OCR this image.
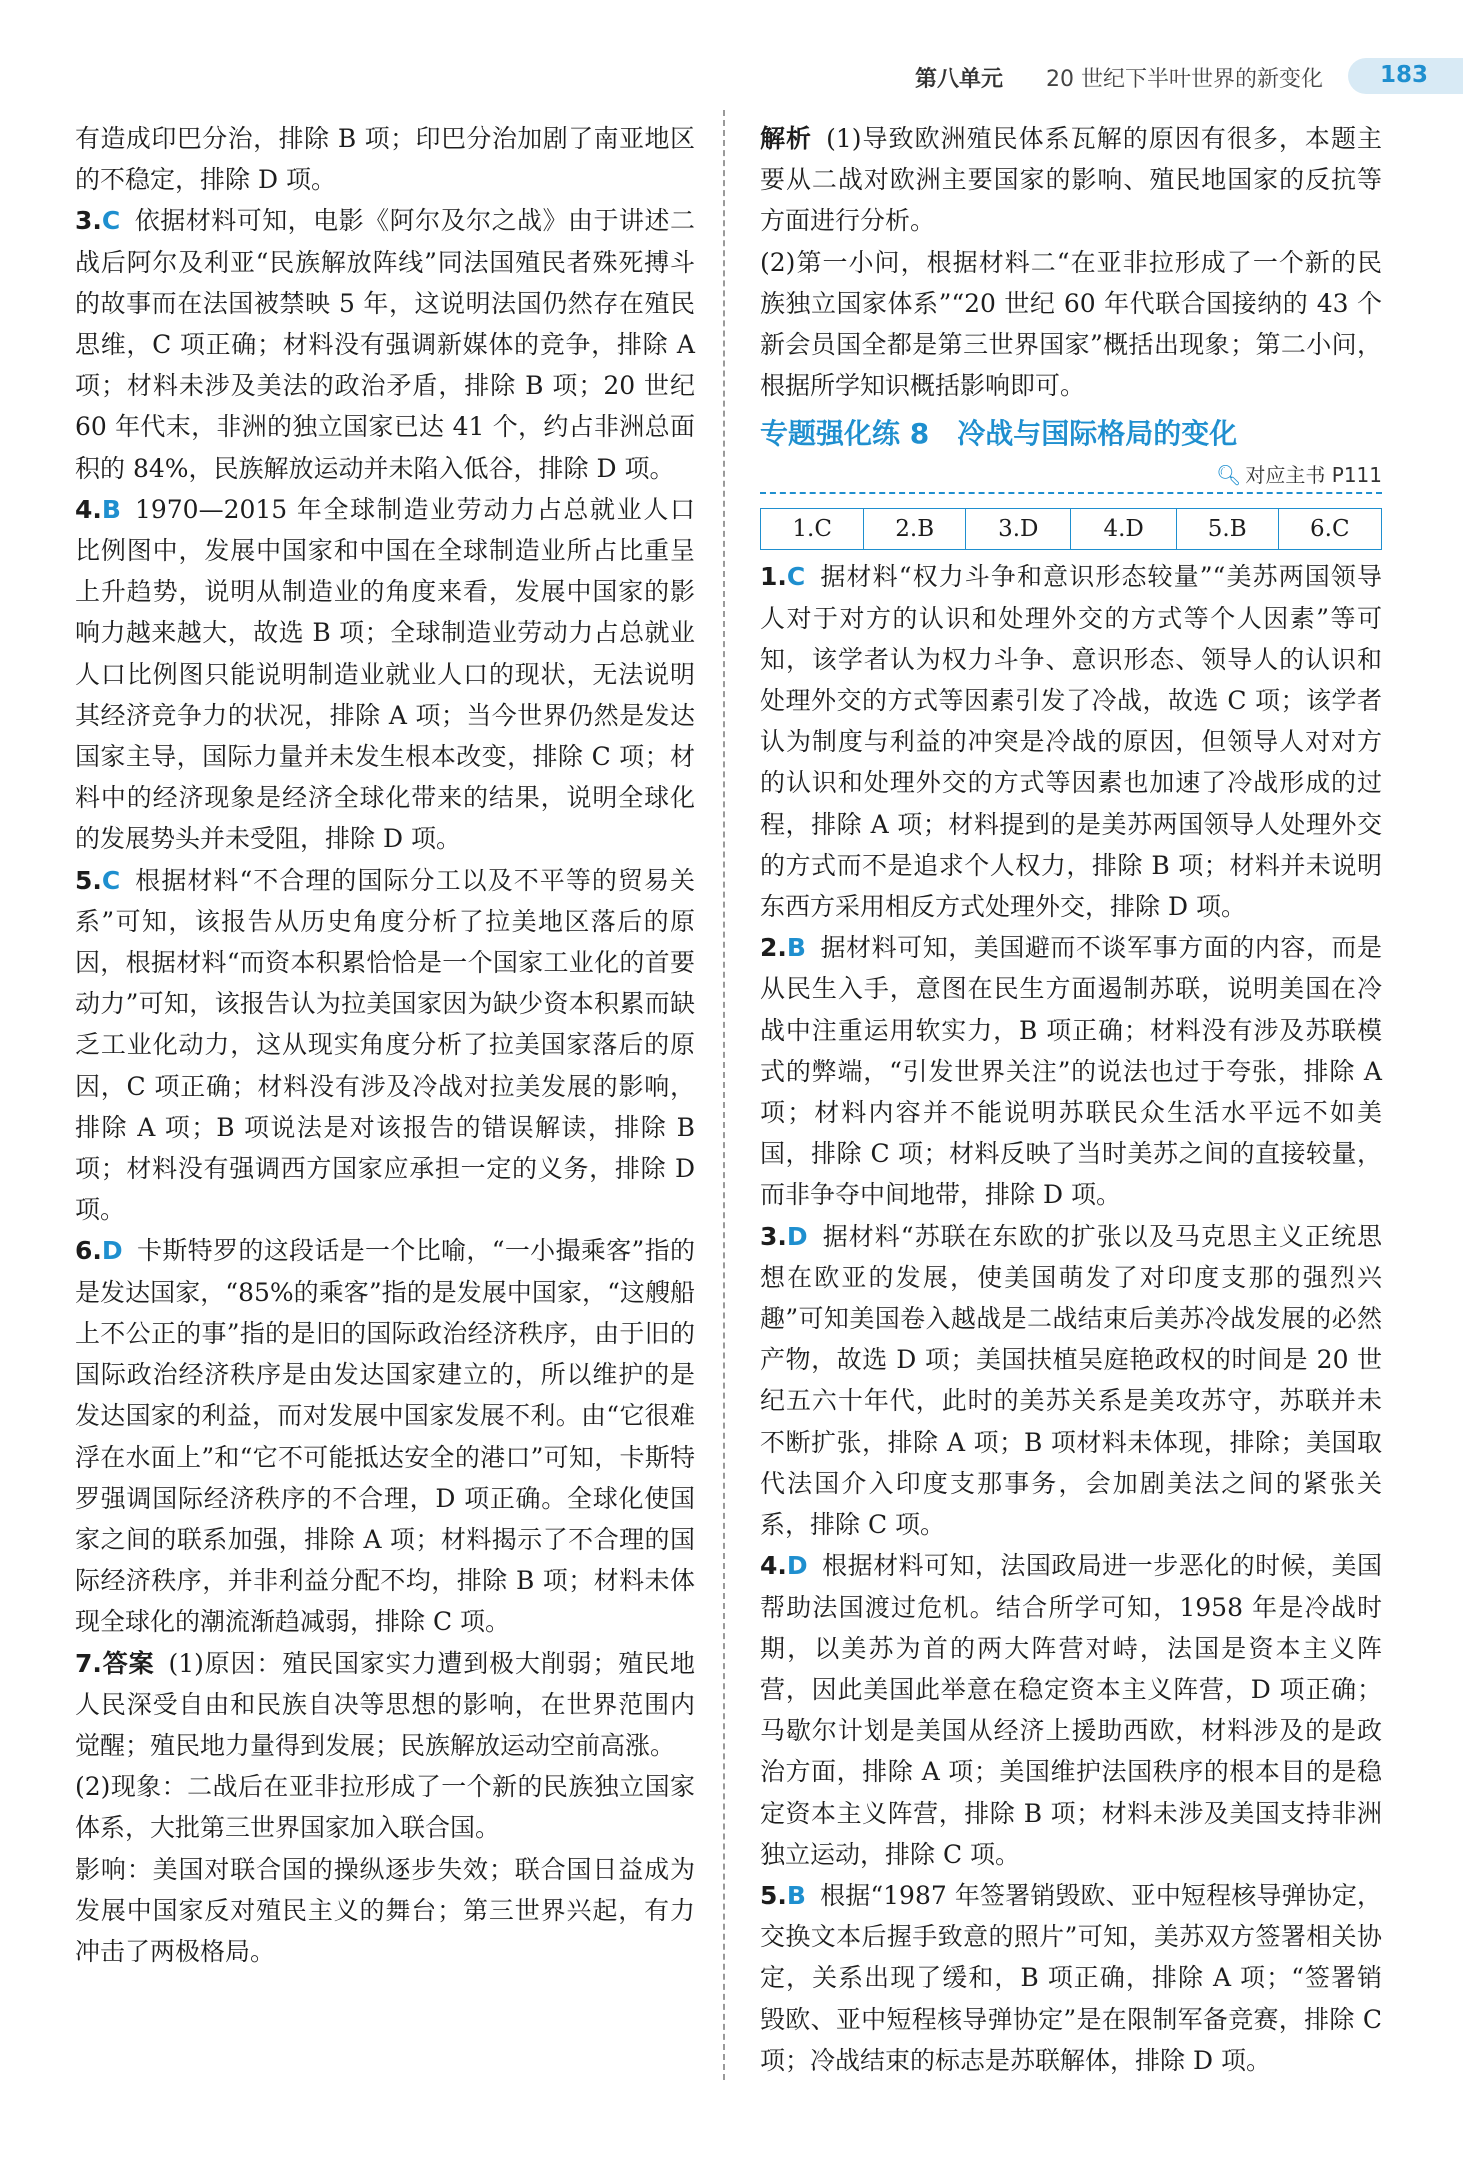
第八单元 20 世纪下半叶世界的新变化 183

有造成印巴分治，排除 B 项；印巴分治加剧了南亚地区的不稳定，排除 D 项。

3.C 依据材料可知，电影《阿尔及尔之战》由于讲述二战后阿尔及利亚“民族解放阵线”同法国殖民者殊死搏斗的故事而在法国被禁映 5 年，这说明法国仍然存在殖民思维，C 项正确；材料没有强调新媒体的竞争，排除 A 项；材料未涉及美法的政治矛盾，排除 B 项；20 世纪 60 年代末，非洲的独立国家已达 41 个，约占非洲总面积的 84%，民族解放运动并未陷入低谷，排除 D 项。

4.B 1970—2015 年全球制造业劳动力占总就业人口比例图中，发展中国家和中国在全球制造业所占比重呈上升趋势，说明从制造业的角度来看，发展中国家的影响力越来越大，故选 B 项；全球制造业劳动力占总就业人口比例图只能说明制造业就业人口的现状，无法说明其经济竞争力的状况，排除 A 项；当今世界仍然是发达国家主导，国际力量并未发生根本改变，排除 C 项；材料中的经济现象是经济全球化带来的结果，说明全球化的发展势头并未受阻，排除 D 项。

5.C 根据材料“不合理的国际分工以及不平等的贸易关系”可知，该报告从历史角度分析了拉美地区落后的原因，根据材料“而资本积累恰恰是一个国家工业化的首要动力”可知，该报告认为拉美国家因为缺少资本积累而缺乏工业化动力，这从现实角度分析了拉美国家落后的原因，C 项正确；材料没有涉及冷战对拉美发展的影响，排除 A 项；B 项说法是对该报告的错误解读，排除 B 项；材料没有强调西方国家应承担一定的义务，排除 D 项。

6.D 卡斯特罗的这段话是一个比喻，“一小撮乘客”指的是发达国家，“85%的乘客”指的是发展中国家，“这艘船上不公正的事”指的是旧的国际政治经济秩序，由于旧的国际政治经济秩序是由发达国家建立的，所以维护的是发达国家的利益，而对发展中国家发展不利。由“它很难浮在水面上”和“它不可能抵达安全的港口”可知，卡斯特罗强调国际经济秩序的不合理，D 项正确。全球化使国家之间的联系加强，排除 A 项；材料揭示了不合理的国际经济秩序，并非利益分配不均，排除 B 项；材料未体现全球化的潮流渐趋减弱，排除 C 项。

7.答案 (1)原因：殖民国家实力遭到极大削弱；殖民地人民深受自由和民族自决等思想的影响，在世界范围内觉醒；殖民地力量得到发展；民族解放运动空前高涨。

(2)现象：二战后在亚非拉形成了一个新的民族独立国家体系，大批第三世界国家加入联合国。

影响：美国对联合国的操纵逐步失效；联合国日益成为发展中国家反对殖民主义的舞台；第三世界兴起，有力冲击了两极格局。

解析 (1)导致欧洲殖民体系瓦解的原因有很多，本题主要从二战对欧洲主要国家的影响、殖民地国家的反抗等方面进行分析。

(2)第一小问，根据材料二“在亚非拉形成了一个新的民族独立国家体系”“20 世纪 60 年代联合国接纳的 43 个新会员国全都是第三世界国家”概括出现象；第二小问，根据所学知识概括影响即可。

专题强化练 8　冷战与国际格局的变化
🔍︎ 对应主书 P111
1.C	2.B	3.D	4.D	5.B	6.C

1.C 据材料“权力斗争和意识形态较量”“美苏两国领导人对于对方的认识和处理外交的方式等个人因素”等可知，该学者认为权力斗争、意识形态、领导人的认识和处理外交的方式等因素引发了冷战，故选 C 项；该学者认为制度与利益的冲突是冷战的原因，但领导人对对方的认识和处理外交的方式等因素也加速了冷战形成的过程，排除 A 项；材料提到的是美苏两国领导人处理外交的方式而不是追求个人权力，排除 B 项；材料并未说明东西方采用相反方式处理外交，排除 D 项。

2.B 据材料可知，美国避而不谈军事方面的内容，而是从民生入手，意图在民生方面遏制苏联，说明美国在冷战中注重运用软实力，B 项正确；材料没有涉及苏联模式的弊端，“引发世界关注”的说法也过于夸张，排除 A 项；材料内容并不能说明苏联民众生活水平远不如美国，排除 C 项；材料反映了当时美苏之间的直接较量，而非争夺中间地带，排除 D 项。

3.D 据材料“苏联在东欧的扩张以及马克思主义正统思想在欧亚的发展，使美国萌发了对印度支那的强烈兴趣”可知美国卷入越战是二战结束后美苏冷战发展的必然产物，故选 D 项；美国扶植吴庭艳政权的时间是 20 世纪五六十年代，此时的美苏关系是美攻苏守，苏联并未不断扩张，排除 A 项；B 项材料未体现，排除；美国取代法国介入印度支那事务，会加剧美法之间的紧张关系，排除 C 项。

4.D 根据材料可知，法国政局进一步恶化的时候，美国帮助法国渡过危机。结合所学可知，1958 年是冷战时期，以美苏为首的两大阵营对峙，法国是资本主义阵营，因此美国此举意在稳定资本主义阵营，D 项正确；马歇尔计划是美国从经济上援助西欧，材料涉及的是政治方面，排除 A 项；美国维护法国秩序的根本目的是稳定资本主义阵营，排除 B 项；材料未涉及美国支持非洲独立运动，排除 C 项。

5.B 根据“1987 年签署销毁欧、亚中短程核导弹协定，交换文本后握手致意的照片”可知，美苏双方签署相关协定，关系出现了缓和，B 项正确，排除 A 项；“签署销毁欧、亚中短程核导弹协定”是在限制军备竞赛，排除 C 项；冷战结束的标志是苏联解体，排除 D 项。
